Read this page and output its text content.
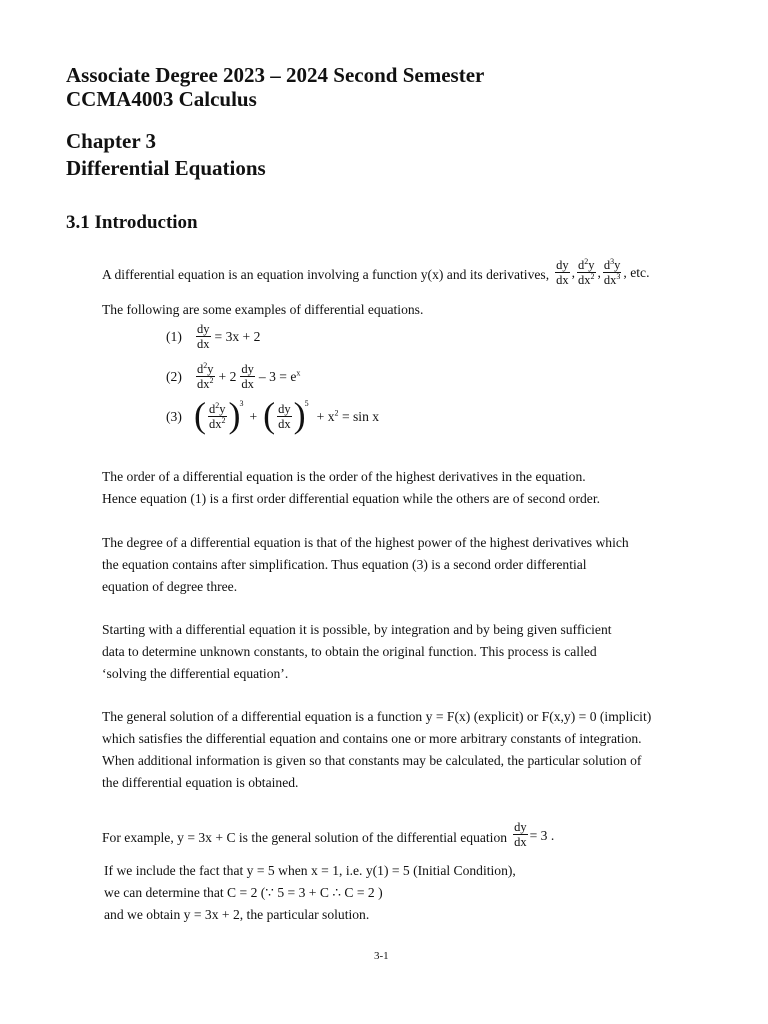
Associate Degree 2023 – 2024 Second Semester
CCMA4003 Calculus
Chapter 3
Differential Equations
3.1 Introduction
A differential equation is an equation involving a function y(x) and its derivatives, $\frac{dy}{dx}$ , $\frac{d^2y}{dx^2}$ , $\frac{d^3y}{dx^3}$ , etc.
The following are some examples of differential equations.
(1)	$\frac{dy}{dx} = 3x + 2$
(2)	$\frac{d^2y}{dx^2} + 2 \frac{dy}{dx} - 3 = e^x$
(3) ( $\frac{d^2y}{dx^2}$ ) 3
+ ( $\frac{dy}{dx}$ ) 5
+ $x^2 = \sin x$
The order of a differential equation is the order of the highest derivatives in the equation.
Hence equation (1) is a first order differential equation while the others are of second order.
The degree of a differential equation is that of the highest power of the highest derivatives which
the equation contains after simplification. Thus equation (3) is a second order differential
equation of degree three.
Starting with a differential equation it is possible, by integration and by being given sufficient
data to determine unknown constants, to obtain the original function. This process is called
‘solving the differential equation’.
The general solution of a differential equation is a function y = F(x) (explicit) or F(x,y) = 0 (implicit)
which satisfies the differential equation and contains one or more arbitrary constants of integration.
When additional information is given so that constants may be calculated, the particular solution of
the differential equation is obtained.
For example, y = 3x + C is the general solution of the differential equation $\frac{dy}{dx} = 3$ .
If we include the fact that y = 5 when x = 1, i.e. y(1) = 5 (Initial Condition),
we can determine that C = 2 (∵ 5 = 3 + C ∴ C = 2 )
and we obtain y = 3x + 2, the particular solution.
3-1
